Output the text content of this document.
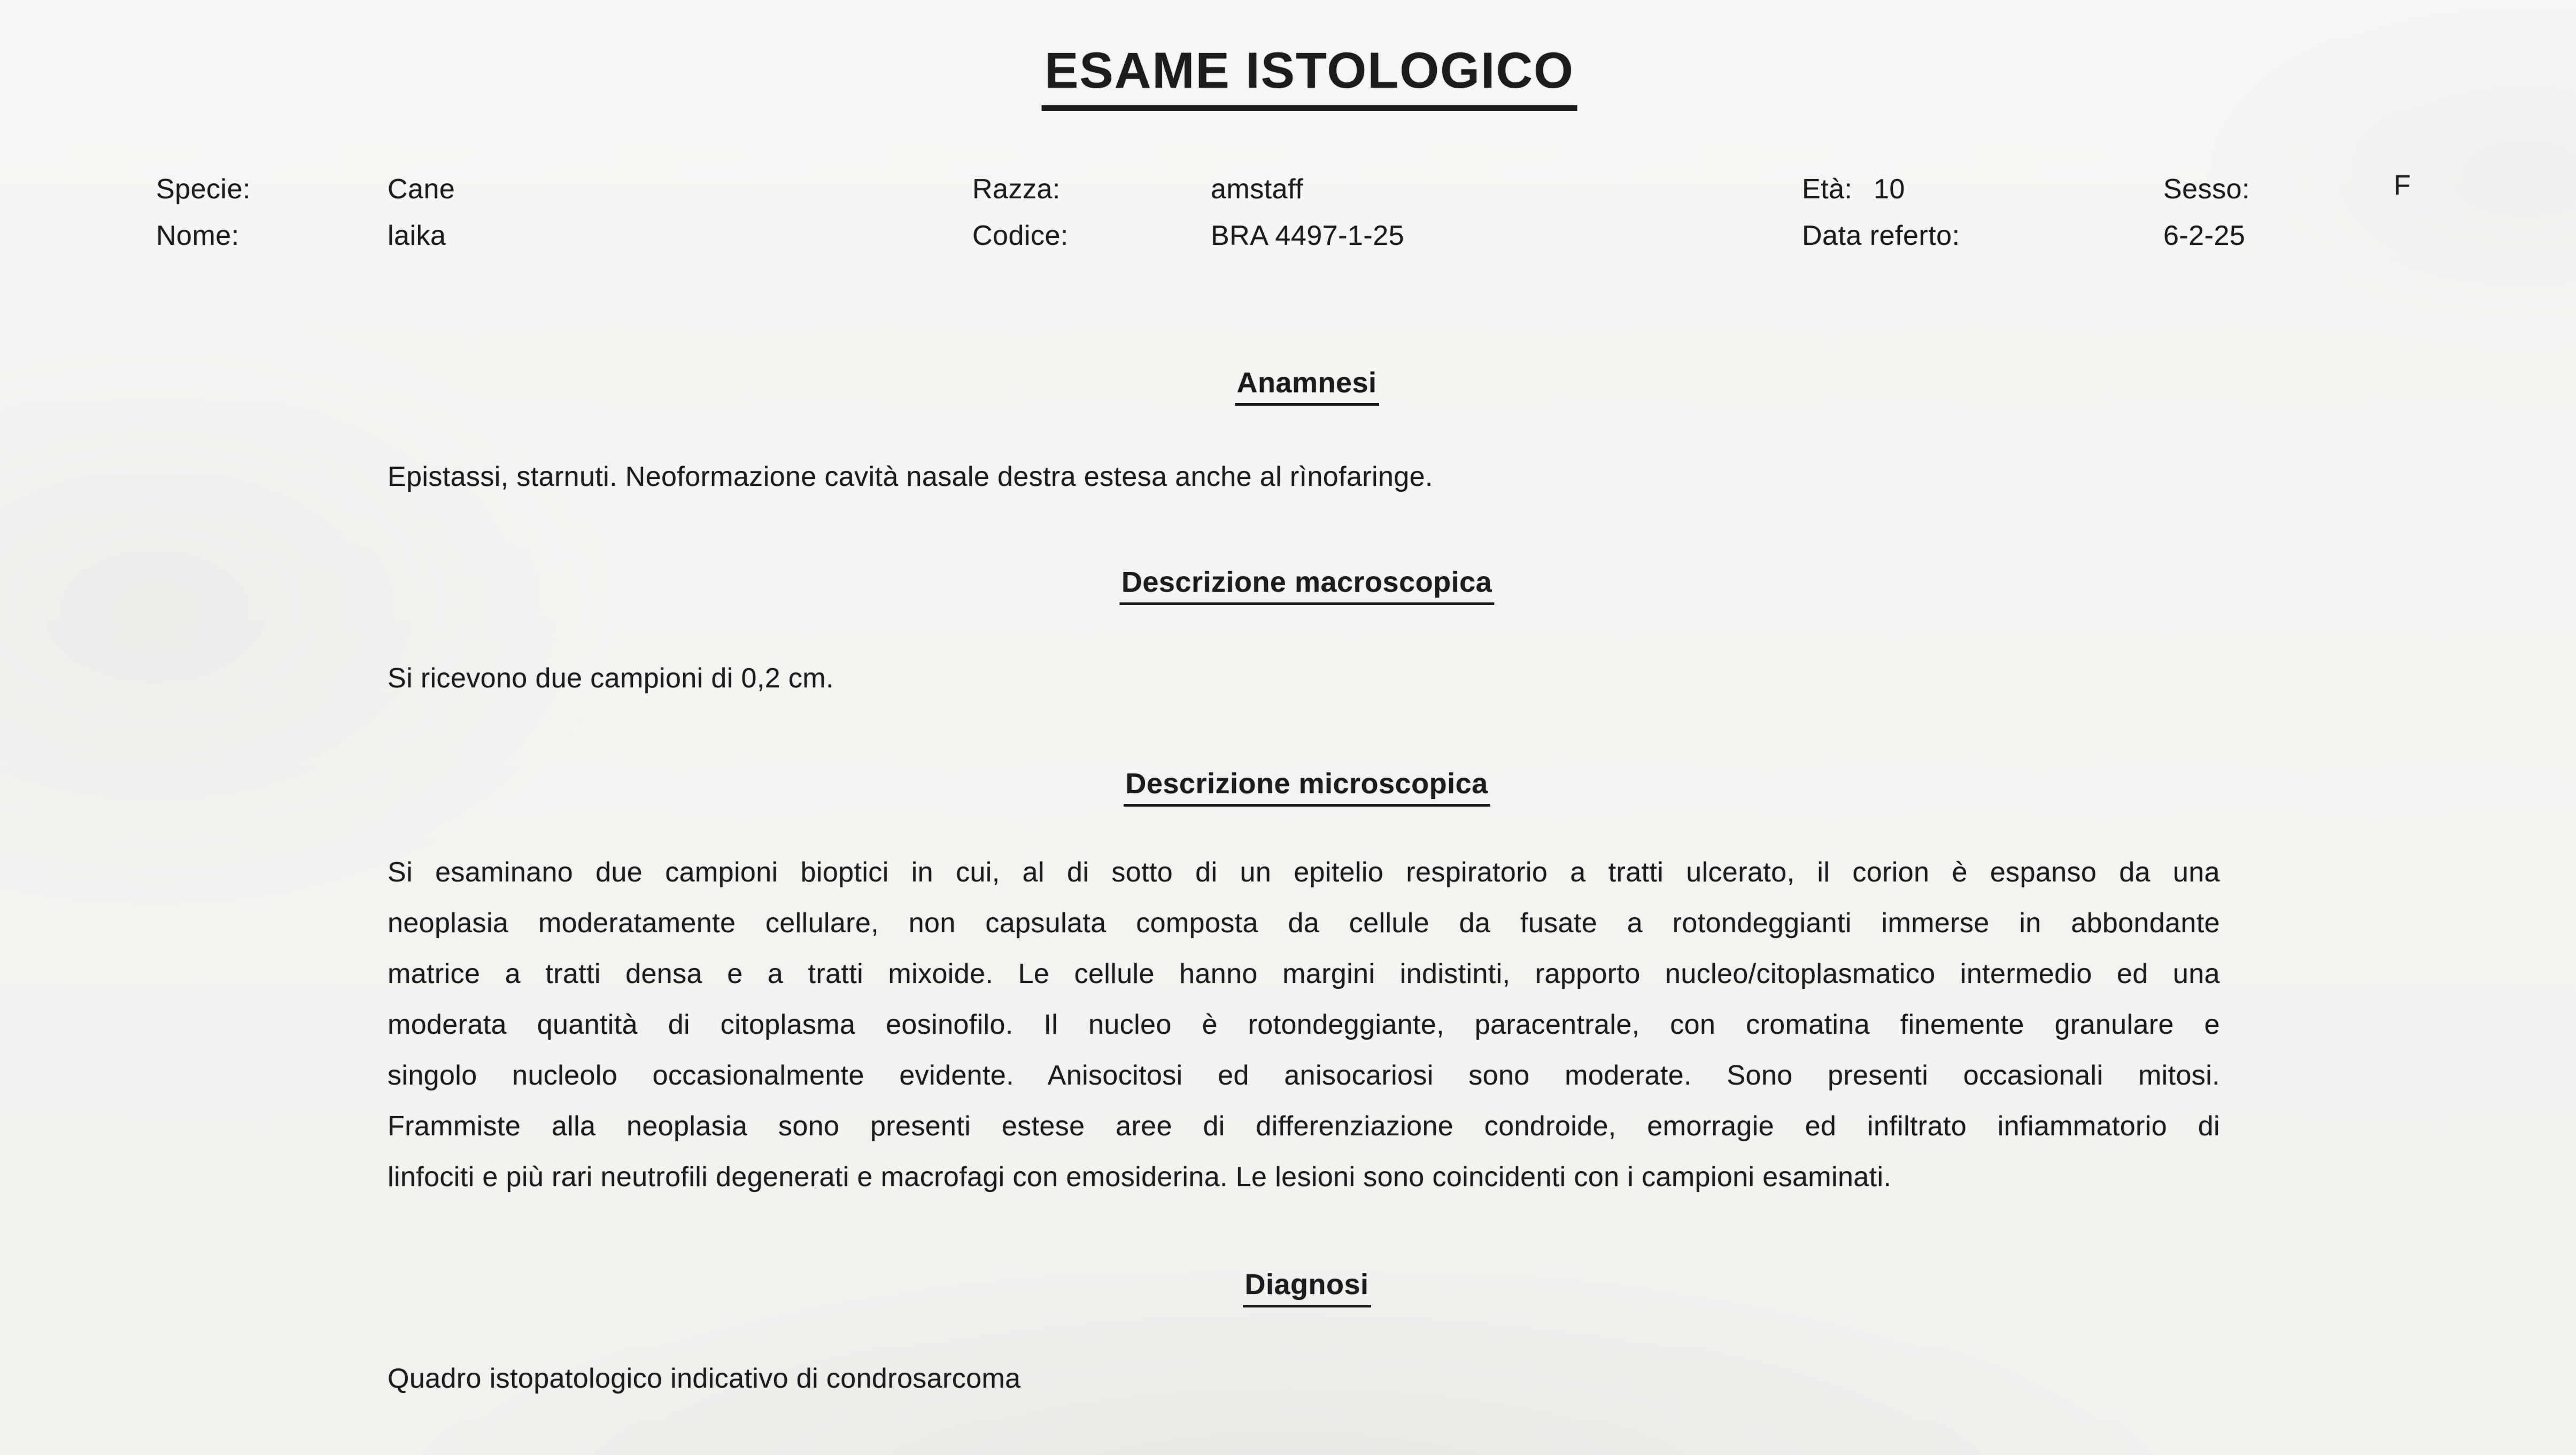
ESAME ISTOLOGICO
Specie:	Cane	Razza:	amstaff	Età: 10	Sesso:	F
Nome:	laika	Codice:	BRA 4497-1-25	Data referto:	6-2-25
Anamnesi
Epistassi, starnuti. Neoformazione cavità nasale destra estesa anche al rìnofaringe.
Descrizione macroscopica
Si ricevono due campioni di 0,2 cm.
Descrizione microscopica
Si esaminano due campioni bioptici in cui, al di sotto di un epitelio respiratorio a tratti ulcerato, il corion è espanso da una
neoplasia moderatamente cellulare, non capsulata composta da cellule da fusate a rotondeggianti immerse in abbondante
matrice a tratti densa e a tratti mixoide. Le cellule hanno margini indistinti, rapporto nucleo/citoplasmatico intermedio ed una
moderata quantità di citoplasma eosinofilo. Il nucleo è rotondeggiante, paracentrale, con cromatina finemente granulare e
singolo nucleolo occasionalmente evidente. Anisocitosi ed anisocariosi sono moderate. Sono presenti occasionali mitosi.
Frammiste alla neoplasia sono presenti estese aree di differenziazione condroide, emorragie ed infiltrato infiammatorio di
linfociti e più rari neutrofili degenerati e macrofagi con emosiderina. Le lesioni sono coincidenti con i campioni esaminati.
Diagnosi
Quadro istopatologico indicativo di condrosarcoma
